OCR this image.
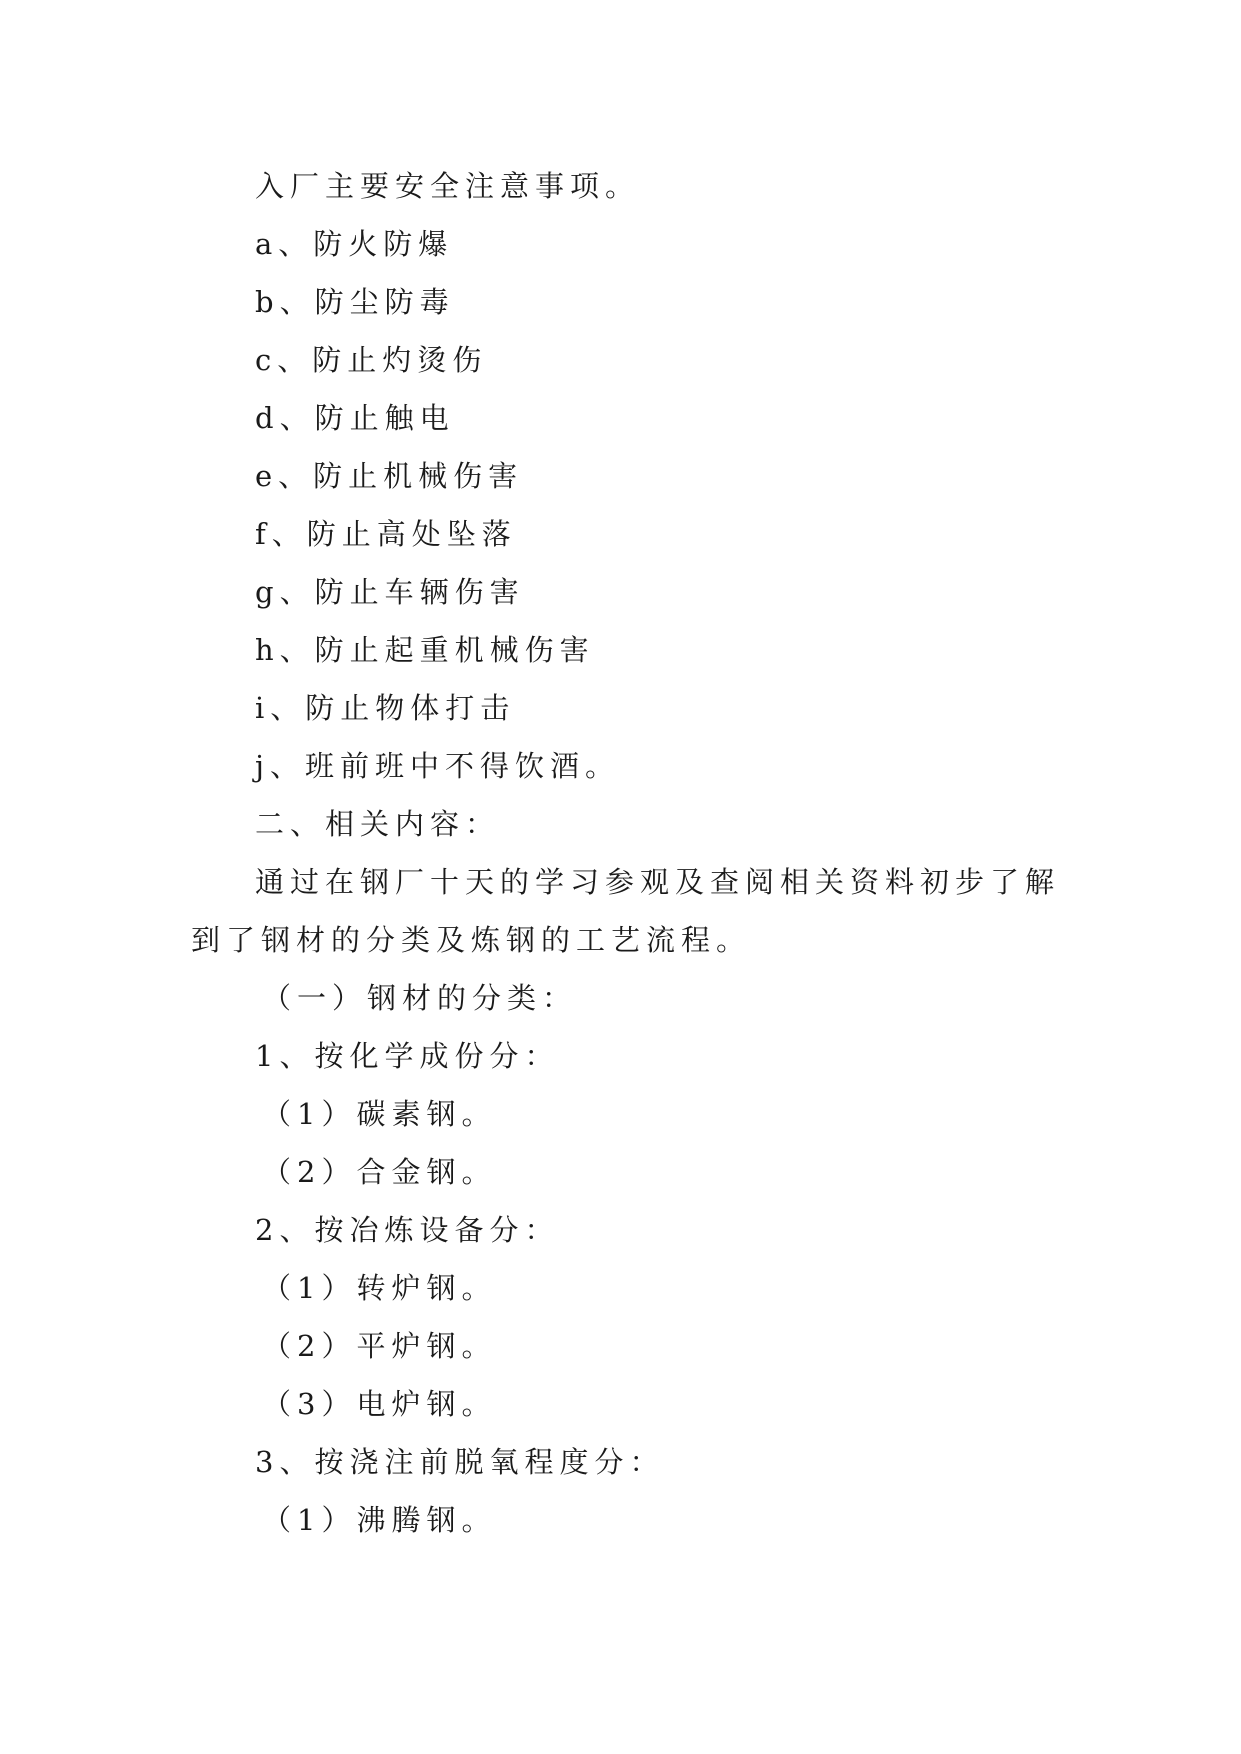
入厂主要安全注意事项。
a、防火防爆
b、防尘防毒
c、防止灼烫伤
d、防止触电
e、防止机械伤害
f、防止高处坠落
g、防止车辆伤害
h、防止起重机械伤害
i、防止物体打击
j、班前班中不得饮酒。
二、相关内容：
通过在钢厂十天的学习参观及查阅相关资料初步了解
到了钢材的分类及炼钢的工艺流程。
（一）钢材的分类：
1、按化学成份分：
（1）碳素钢。
（2）合金钢。
2、按冶炼设备分：
（1）转炉钢。
（2）平炉钢。
（3）电炉钢。
3、按浇注前脱氧程度分：
（1）沸腾钢。
